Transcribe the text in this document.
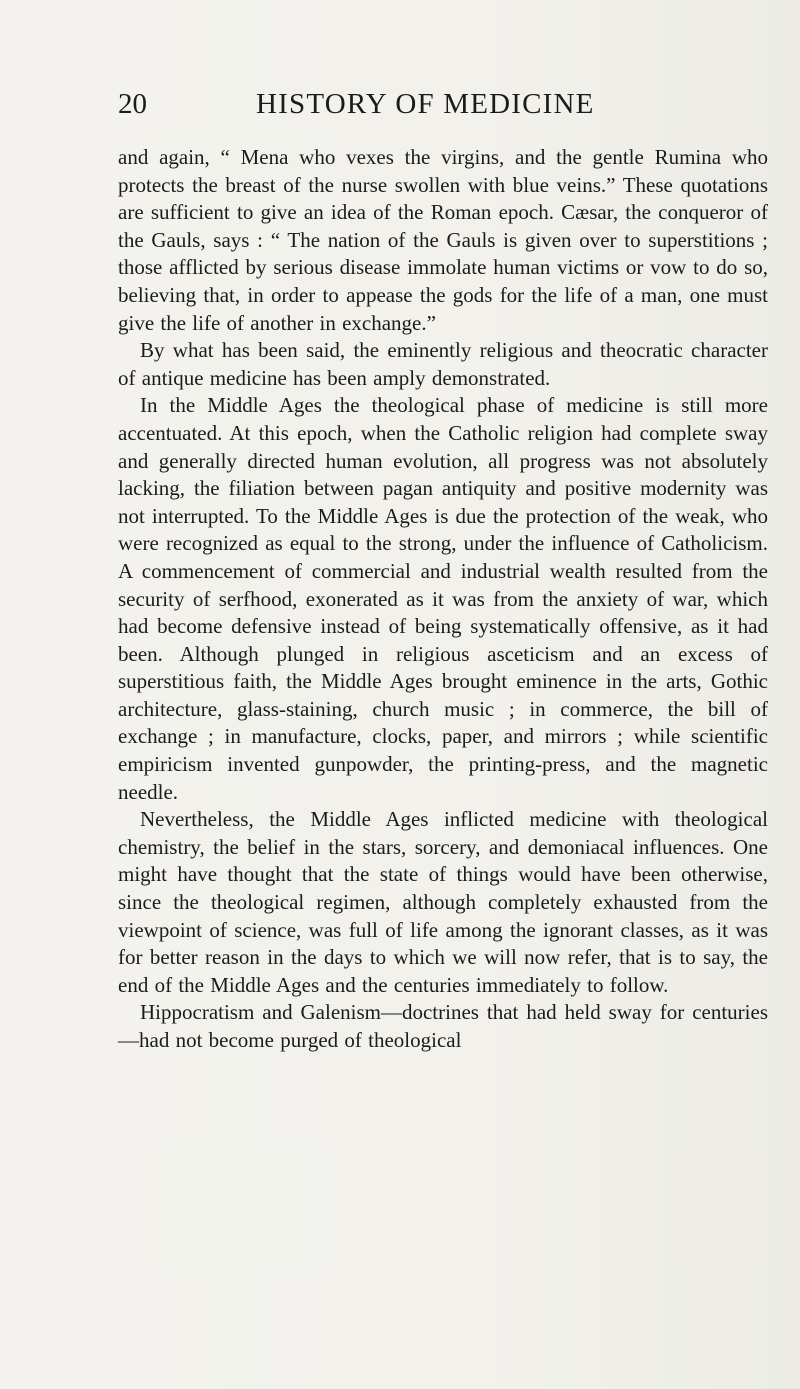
20	HISTORY OF MEDICINE

and again, “ Mena who vexes the virgins, and the gentle Rumina who protects the breast of the nurse swollen with blue veins.” These quotations are sufficient to give an idea of the Roman epoch. Cæsar, the conqueror of the Gauls, says : “ The nation of the Gauls is given over to superstitions ; those afflicted by serious disease immolate human victims or vow to do so, believing that, in order to appease the gods for the life of a man, one must give the life of another in exchange.”

By what has been said, the eminently religious and theocratic character of antique medicine has been amply demonstrated.

In the Middle Ages the theological phase of medicine is still more accentuated. At this epoch, when the Catholic religion had complete sway and generally directed human evolution, all progress was not absolutely lacking, the filiation between pagan antiquity and positive modernity was not interrupted. To the Middle Ages is due the protection of the weak, who were recognized as equal to the strong, under the influence of Catholicism. A commencement of commercial and industrial wealth resulted from the security of serfhood, exonerated as it was from the anxiety of war, which had become defensive instead of being systematically offensive, as it had been. Although plunged in religious asceticism and an excess of superstitious faith, the Middle Ages brought eminence in the arts, Gothic architecture, glass-staining, church music ; in commerce, the bill of exchange ; in manufacture, clocks, paper, and mirrors ; while scientific empiricism invented gunpowder, the printing-press, and the magnetic needle.

Nevertheless, the Middle Ages inflicted medicine with theological chemistry, the belief in the stars, sorcery, and demoniacal influences. One might have thought that the state of things would have been otherwise, since the theological regimen, although completely exhausted from the viewpoint of science, was full of life among the ignorant classes, as it was for better reason in the days to which we will now refer, that is to say, the end of the Middle Ages and the centuries immediately to follow.

Hippocratism and Galenism—doctrines that had held sway for centuries—had not become purged of theological
